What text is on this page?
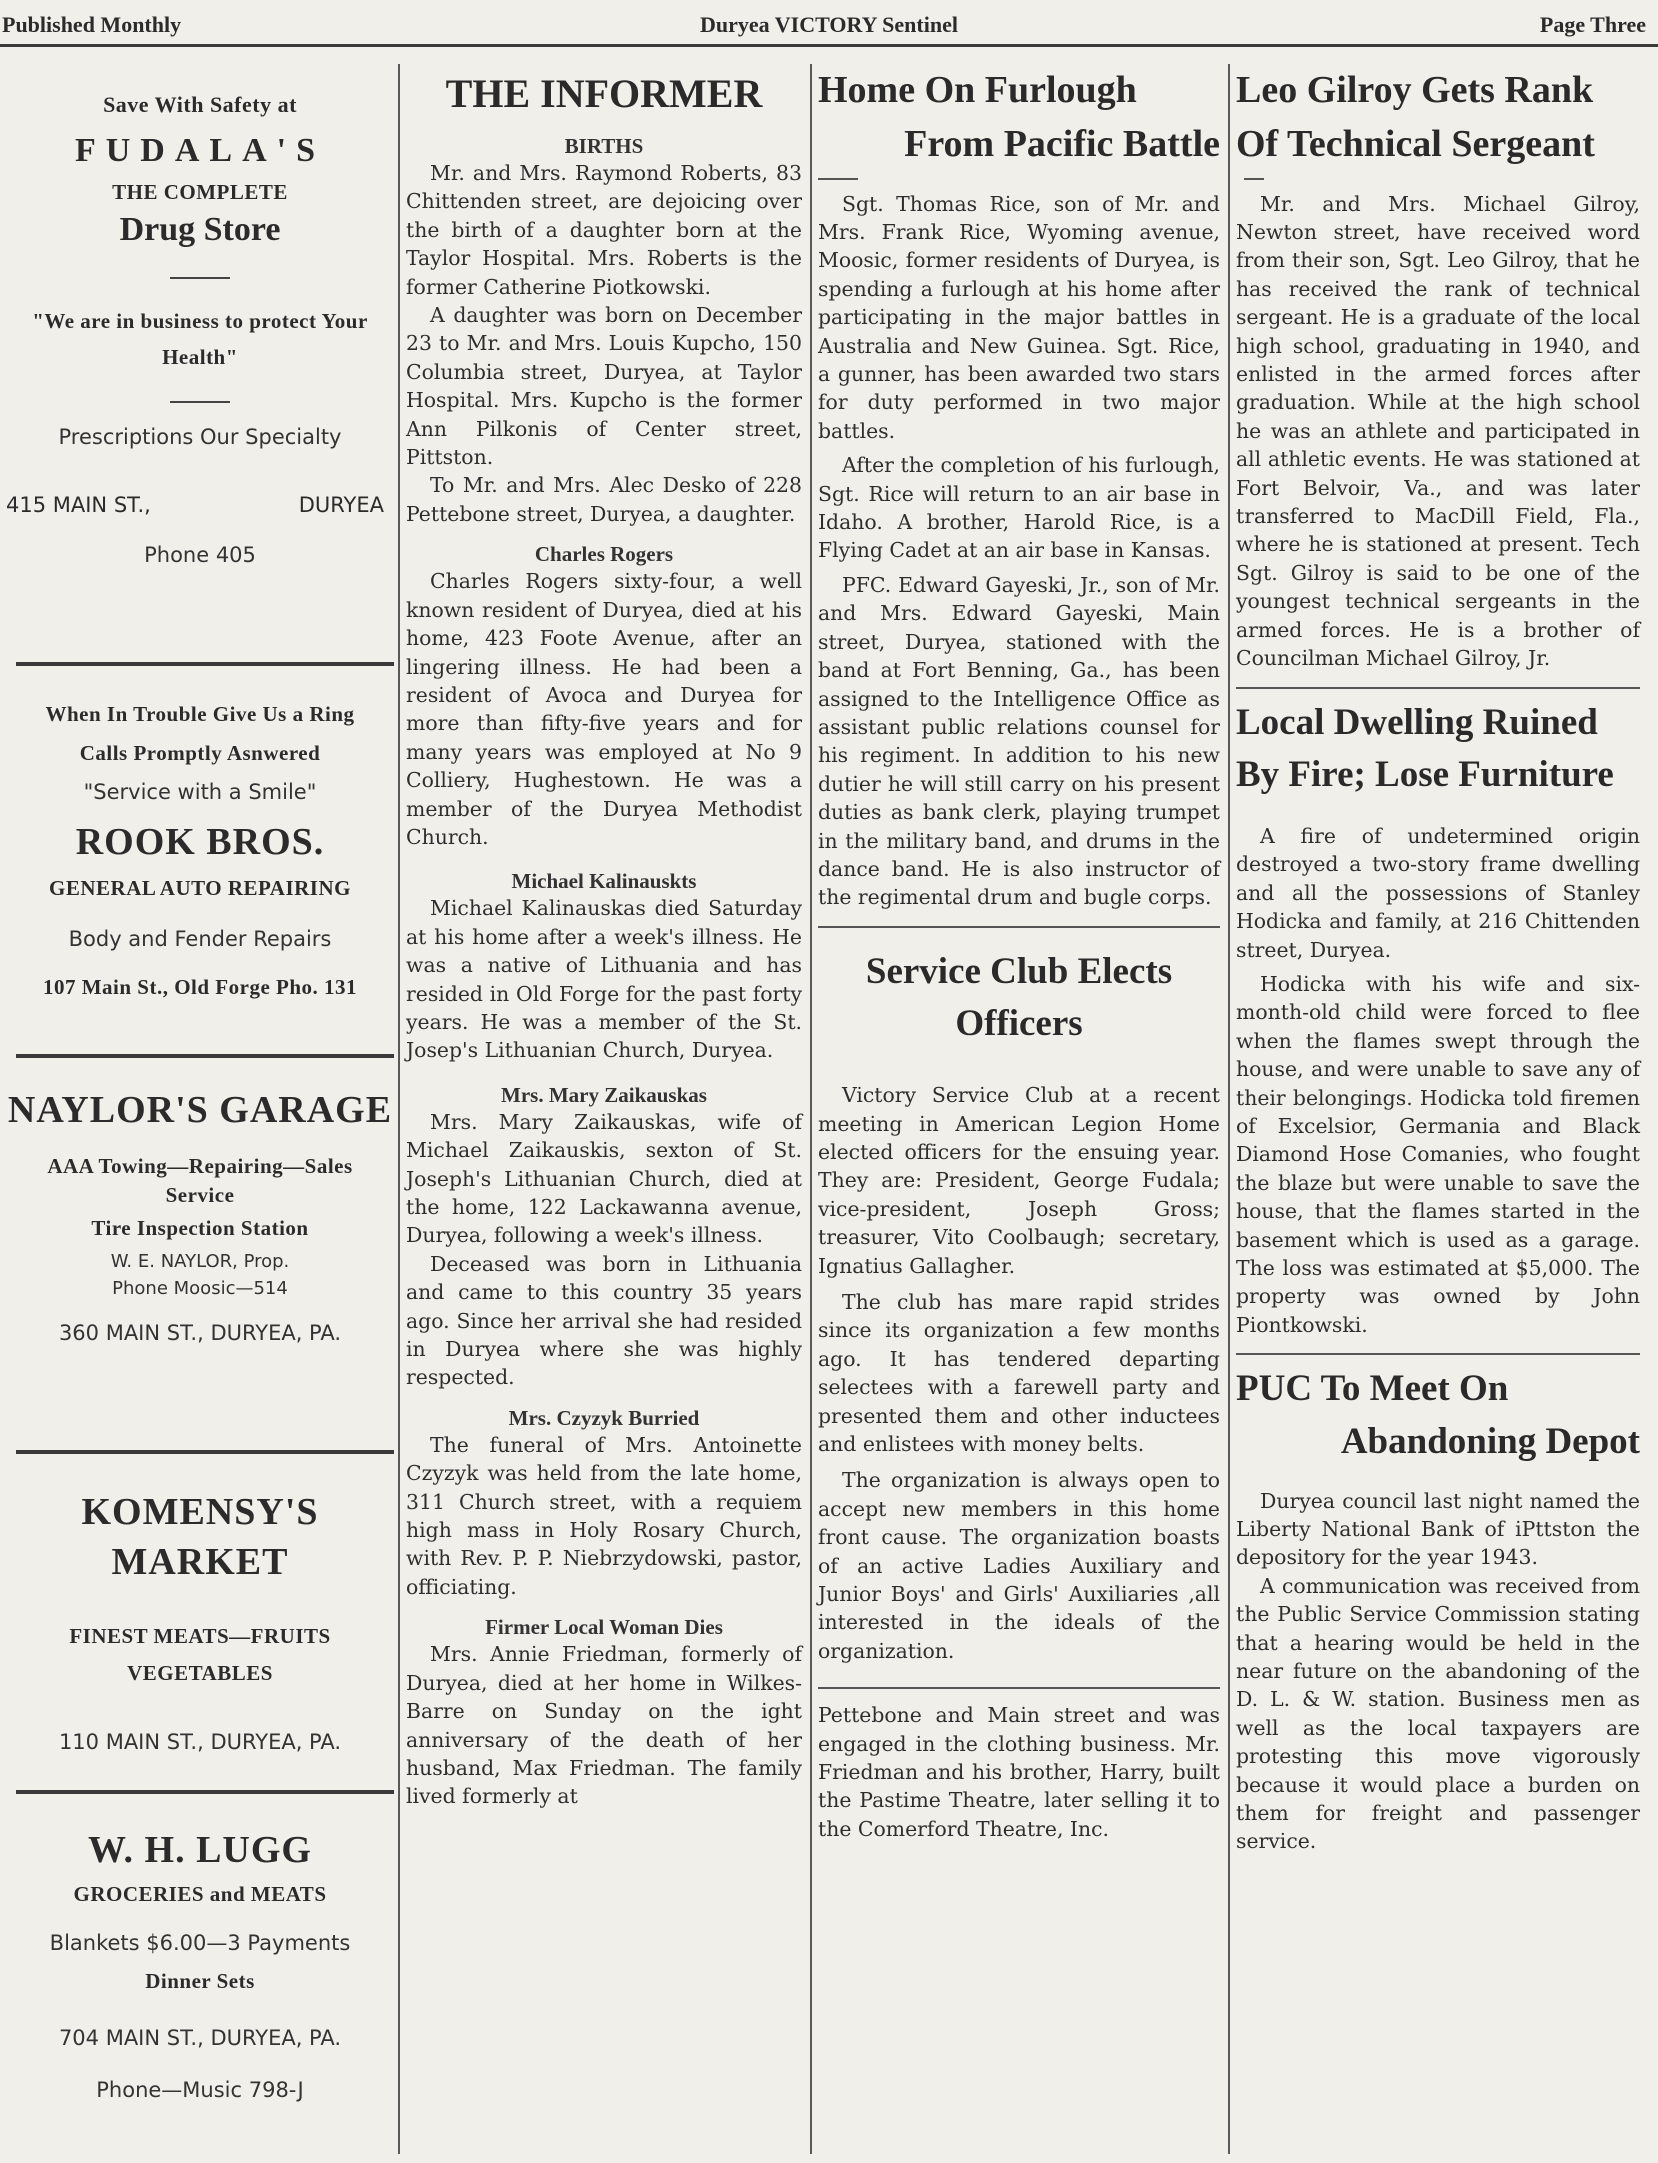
Published Monthly	Duryea VICTORY Sentinel	Page Three

Save With Safety at

FUDALA'S

THE COMPLETE

Drug Store

"We are in business to protect Your Health"

Prescriptions Our Specialty

415 MAIN ST.,	DURYEA

Phone 405

When In Trouble Give Us a Ring

Calls Promptly Asnwered

"Service with a Smile"

ROOK BROS.

GENERAL AUTO REPAIRING

Body and Fender Repairs

107 Main St., Old Forge Pho. 131

NAYLOR'S GARAGE

AAA Towing—Repairing—Sales

Service

Tire Inspection Station

W. E. NAYLOR, Prop.

Phone Moosic—514

360 MAIN ST., DURYEA, PA.

KOMENSY'S

MARKET

FINEST MEATS—FRUITS

VEGETABLES

110 MAIN ST., DURYEA, PA.

W. H. LUGG

GROCERIES and MEATS

Blankets $6.00—3 Payments

Dinner Sets

704 MAIN ST., DURYEA, PA.

Phone—Music 798-J

THE INFORMER

BIRTHS

Mr. and Mrs. Raymond Roberts, 83 Chittenden street, are dejoicing over the birth of a daughter born at the Taylor Hospital. Mrs. Roberts is the former Catherine Piotkowski.

A daughter was born on December 23 to Mr. and Mrs. Louis Kupcho, 150 Columbia street, Duryea, at Taylor Hospital. Mrs. Kupcho is the former Ann Pilkonis of Center street, Pittston.

To Mr. and Mrs. Alec Desko of 228 Pettebone street, Duryea, a daughter.

Charles Rogers

Charles Rogers sixty-four, a well known resident of Duryea, died at his home, 423 Foote Avenue, after an lingering illness. He had been a resident of Avoca and Duryea for more than fifty-five years and for many years was employed at No 9 Colliery, Hughestown. He was a member of the Duryea Methodist Church.

Michael Kalinauskts

Michael Kalinauskas died Saturday at his home after a week's illness. He was a native of Lithuania and has resided in Old Forge for the past forty years. He was a member of the St. Josep's Lithuanian Church, Duryea.

Mrs. Mary Zaikauskas

Mrs. Mary Zaikauskas, wife of Michael Zaikauskis, sexton of St. Joseph's Lithuanian Church, died at the home, 122 Lackawanna avenue, Duryea, following a week's illness.

Deceased was born in Lithuania and came to this country 35 years ago. Since her arrival she had resided in Duryea where she was highly respected.

Mrs. Czyzyk Burried

The funeral of Mrs. Antoinette Czyzyk was held from the late home, 311 Church street, with a requiem high mass in Holy Rosary Church, with Rev. P. P. Niebrzydowski, pastor, officiating.

Firmer Local Woman Dies

Mrs. Annie Friedman, formerly of Duryea, died at her home in Wilkes-Barre on Sunday on the ight anniversary of the death of her husband, Max Friedman. The family lived formerly at

Home On Furlough
From Pacific Battle

Sgt. Thomas Rice, son of Mr. and Mrs. Frank Rice, Wyoming avenue, Moosic, former residents of Duryea, is spending a furlough at his home after participating in the major battles in Australia and New Guinea. Sgt. Rice, a gunner, has been awarded two stars for duty performed in two major battles.

After the completion of his furlough, Sgt. Rice will return to an air base in Idaho. A brother, Harold Rice, is a Flying Cadet at an air base in Kansas.

PFC. Edward Gayeski, Jr., son of Mr. and Mrs. Edward Gayeski, Main street, Duryea, stationed with the band at Fort Benning, Ga., has been assigned to the Intelligence Office as assistant public relations counsel for his regiment. In addition to his new dutier he will still carry on his present duties as bank clerk, playing trumpet in the military band, and drums in the dance band. He is also instructor of the regimental drum and bugle corps.

Service Club Elects
Officers

Victory Service Club at a recent meeting in American Legion Home elected officers for the ensuing year. They are: President, George Fudala; vice-president, Joseph Gross; treasurer, Vito Coolbaugh; secretary, Ignatius Gallagher.

The club has mare rapid strides since its organization a few months ago. It has tendered departing selectees with a farewell party and presented them and other inductees and enlistees with money belts.

The organization is always open to accept new members in this home front cause. The organization boasts of an active Ladies Auxiliary and Junior Boys' and Girls' Auxiliaries ,all interested in the ideals of the organization.

Pettebone and Main street and was engaged in the clothing business. Mr. Friedman and his brother, Harry, built the Pastime Theatre, later selling it to the Comerford Theatre, Inc.

Leo Gilroy Gets Rank
Of Technical Sergeant

Mr. and Mrs. Michael Gilroy, Newton street, have received word from their son, Sgt. Leo Gilroy, that he has received the rank of technical sergeant. He is a graduate of the local high school, graduating in 1940, and enlisted in the armed forces after graduation. While at the high school he was an athlete and participated in all athletic events. He was stationed at Fort Belvoir, Va., and was later transferred to MacDill Field, Fla., where he is stationed at present. Tech Sgt. Gilroy is said to be one of the youngest technical sergeants in the armed forces. He is a brother of Councilman Michael Gilroy, Jr.

Local Dwelling Ruined
By Fire; Lose Furniture

A fire of undetermined origin destroyed a two-story frame dwelling and all the possessions of Stanley Hodicka and family, at 216 Chittenden street, Duryea.

Hodicka with his wife and six-month-old child were forced to flee when the flames swept through the house, and were unable to save any of their belongings. Hodicka told firemen of Excelsior, Germania and Black Diamond Hose Comanies, who fought the blaze but were unable to save the house, that the flames started in the basement which is used as a garage. The loss was estimated at $5,000. The property was owned by John Piontkowski.

PUC To Meet On
Abandoning Depot

Duryea council last night named the Liberty National Bank of iPttston the depository for the year 1943.

A communication was received from the Public Service Commission stating that a hearing would be held in the near future on the abandoning of the D. L. & W. station. Business men as well as the local taxpayers are protesting this move vigorously because it would place a burden on them for freight and passenger service.
